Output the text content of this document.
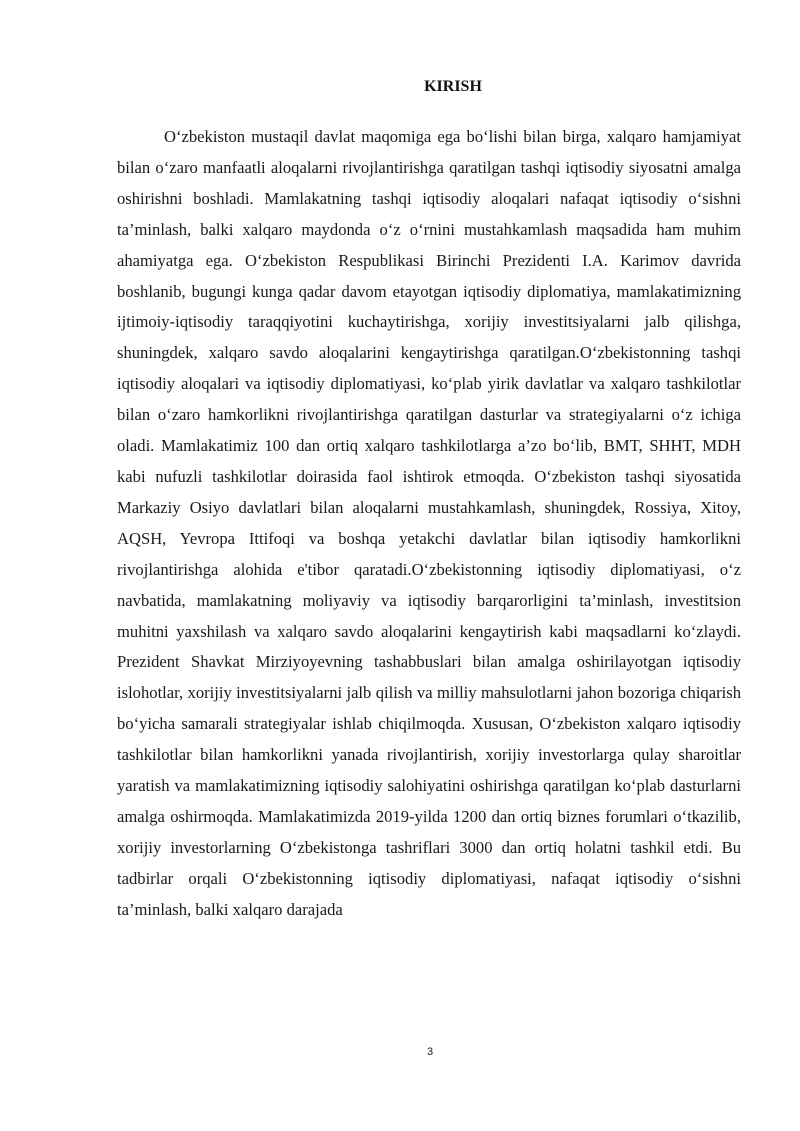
KIRISH

O‘zbekiston mustaqil davlat maqomiga ega bo‘lishi bilan birga, xalqaro hamjamiyat bilan o‘zaro manfaatli aloqalarni rivojlantirishga qaratilgan tashqi iqtisodiy siyosatni amalga oshirishni boshladi. Mamlakatning tashqi iqtisodiy aloqalari nafaqat iqtisodiy o‘sishni ta’minlash, balki xalqaro maydonda o‘z o‘rnini mustahkamlash maqsadida ham muhim ahamiyatga ega. O‘zbekiston Respublikasi Birinchi Prezidenti I.A. Karimov davrida boshlanib, bugungi kunga qadar davom etayotgan iqtisodiy diplomatiya, mamlakatimizning ijtimoiy-iqtisodiy taraqqiyotini kuchaytirishga, xorijiy investitsiyalarni jalb qilishga, shuningdek, xalqaro savdo aloqalarini kengaytirishga qaratilgan.O‘zbekistonning tashqi iqtisodiy aloqalari va iqtisodiy diplomatiyasi, ko‘plab yirik davlatlar va xalqaro tashkilotlar bilan o‘zaro hamkorlikni rivojlantirishga qaratilgan dasturlar va strategiyalarni o‘z ichiga oladi. Mamlakatimiz 100 dan ortiq xalqaro tashkilotlarga a’zo bo‘lib, BMT, SHHT, MDH kabi nufuzli tashkilotlar doirasida faol ishtirok etmoqda. O‘zbekiston tashqi siyosatida Markaziy Osiyo davlatlari bilan aloqalarni mustahkamlash, shuningdek, Rossiya, Xitoy, AQSH, Yevropa Ittifoqi va boshqa yetakchi davlatlar bilan iqtisodiy hamkorlikni rivojlantirishga alohida e'tibor qaratadi.O‘zbekistonning iqtisodiy diplomatiyasi, o‘z navbatida, mamlakatning moliyaviy va iqtisodiy barqarorligini ta’minlash, investitsion muhitni yaxshilash va xalqaro savdo aloqalarini kengaytirish kabi maqsadlarni ko‘zlaydi. Prezident Shavkat Mirziyoyevning tashabbuslari bilan amalga oshirilayotgan iqtisodiy islohotlar, xorijiy investitsiyalarni jalb qilish va milliy mahsulotlarni jahon bozoriga chiqarish bo‘yicha samarali strategiyalar ishlab chiqilmoqda. Xususan, O‘zbekiston xalqaro iqtisodiy tashkilotlar bilan hamkorlikni yanada rivojlantirish, xorijiy investorlarga qulay sharoitlar yaratish va mamlakatimizning iqtisodiy salohiyatini oshirishga qaratilgan ko‘plab dasturlarni amalga oshirmoqda. Mamlakatimizda 2019-yilda 1200 dan ortiq biznes forumlari o‘tkazilib, xorijiy investorlarning O‘zbekistonga tashriflari 3000 dan ortiq holatni tashkil etdi. Bu tadbirlar orqali O‘zbekistonning iqtisodiy diplomatiyasi, nafaqat iqtisodiy o‘sishni ta’minlash, balki xalqaro darajada

3
